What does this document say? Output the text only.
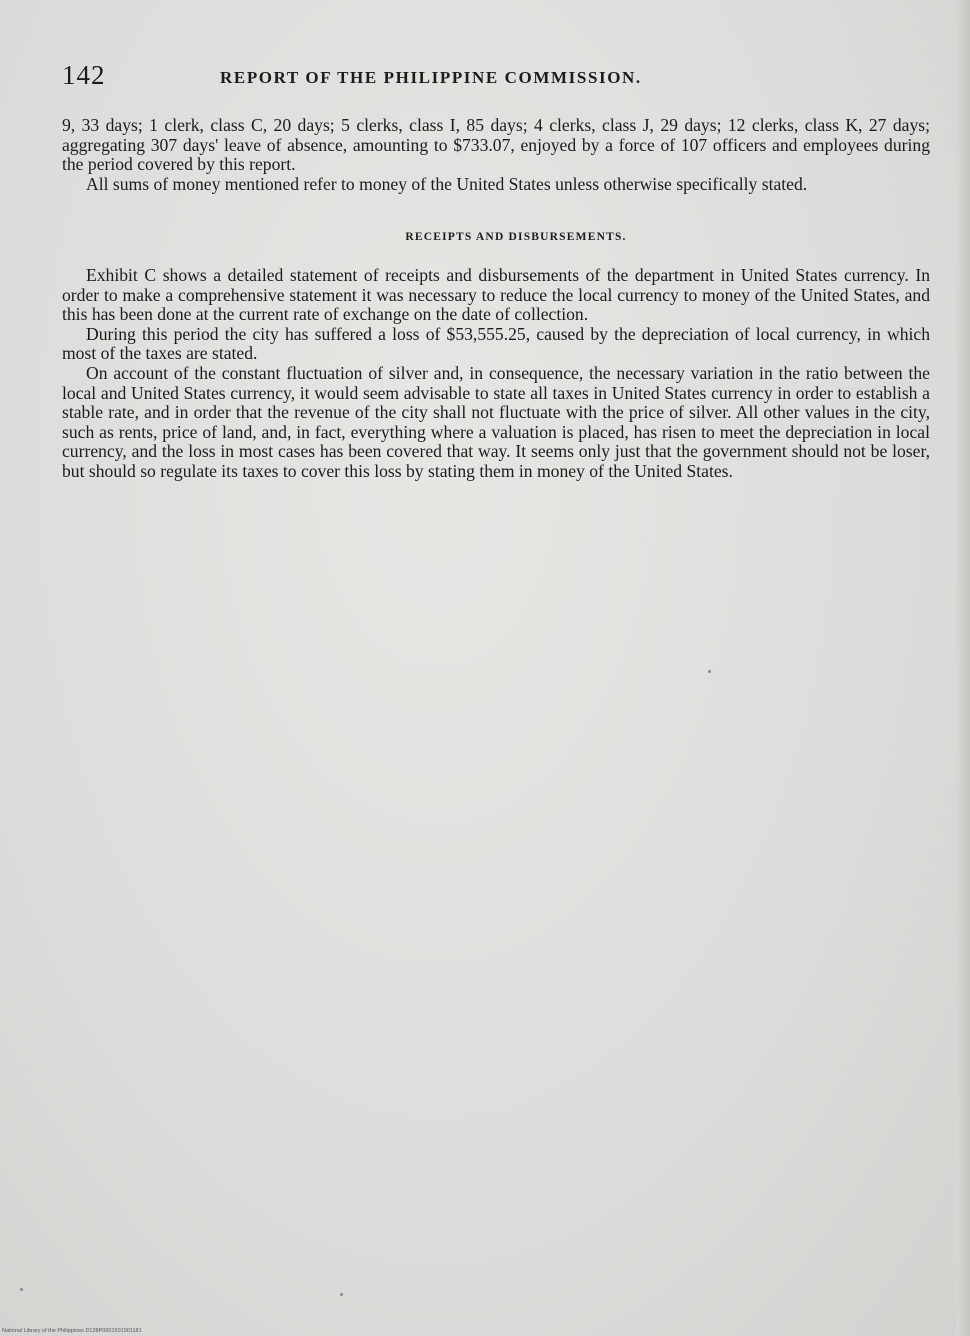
142	REPORT OF THE PHILIPPINE COMMISSION.

9, 33 days; 1 clerk, class C, 20 days; 5 clerks, class I, 85 days; 4 clerks, class J, 29 days; 12 clerks, class K, 27 days; aggregating 307 days' leave of absence, amounting to $733.07, enjoyed by a force of 107 officers and employees during the period covered by this report.

All sums of money mentioned refer to money of the United States unless otherwise specifically stated.

RECEIPTS AND DISBURSEMENTS.

Exhibit C shows a detailed statement of receipts and disbursements of the department in United States currency. In order to make a comprehensive statement it was necessary to reduce the local currency to money of the United States, and this has been done at the current rate of exchange on the date of collection.

During this period the city has suffered a loss of $53,555.25, caused by the depreciation of local currency, in which most of the taxes are stated.

On account of the constant fluctuation of silver and, in consequence, the necessary variation in the ratio between the local and United States currency, it would seem advisable to state all taxes in United States currency in order to establish a stable rate, and in order that the revenue of the city shall not fluctuate with the price of silver. All other values in the city, such as rents, price of land, and, in fact, everything where a valuation is placed, has risen to meet the depreciation in local currency, and the loss in most cases has been covered that way. It seems only just that the government should not be loser, but should so regulate its taxes to cover this loss by stating them in money of the United States.

National Library of the Philippines D128P0001501901181
